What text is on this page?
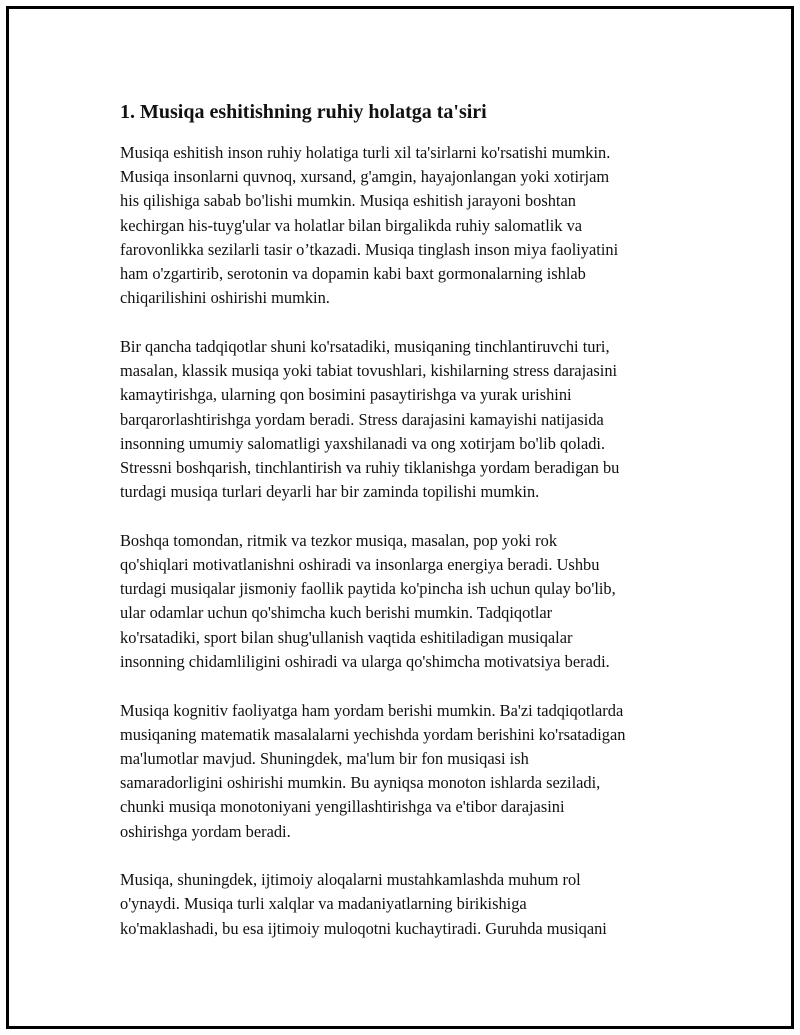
1. Musiqa eshitishning ruhiy holatga ta'siri
Musiqa eshitish inson ruhiy holatiga turli xil ta'sirlarni ko'rsatishi mumkin.
Musiqa insonlarni quvnoq, xursand, g'amgin, hayajonlangan yoki xotirjam
his qilishiga sabab bo'lishi mumkin. Musiqa eshitish jarayoni boshtan
kechirgan his-tuyg'ular va holatlar bilan birgalikda ruhiy salomatlik va
farovonlikka sezilarli tasir o’tkazadi. Musiqa tinglash inson miya faoliyatini
ham o'zgartirib, serotonin va dopamin kabi baxt gormonalarning ishlab
chiqarilishini oshirishi mumkin.
Bir qancha tadqiqotlar shuni ko'rsatadiki, musiqaning tinchlantiruvchi turi,
masalan, klassik musiqa yoki tabiat tovushlari, kishilarning stress darajasini
kamaytirishga, ularning qon bosimini pasaytirishga va yurak urishini
barqarorlashtirishga yordam beradi. Stress darajasini kamayishi natijasida
insonning umumiy salomatligi yaxshilanadi va ong xotirjam bo'lib qoladi.
Stressni boshqarish, tinchlantirish va ruhiy tiklanishga yordam beradigan bu
turdagi musiqa turlari deyarli har bir zaminda topilishi mumkin.
Boshqa tomondan, ritmik va tezkor musiqa, masalan, pop yoki rok
qo'shiqlari motivatlanishni oshiradi va insonlarga energiya beradi. Ushbu
turdagi musiqalar jismoniy faollik paytida ko'pincha ish uchun qulay bo'lib,
ular odamlar uchun qo'shimcha kuch berishi mumkin. Tadqiqotlar
ko'rsatadiki, sport bilan shug'ullanish vaqtida eshitiladigan musiqalar
insonning chidamliligini oshiradi va ularga qo'shimcha motivatsiya beradi.
Musiqa kognitiv faoliyatga ham yordam berishi mumkin. Ba'zi tadqiqotlarda
musiqaning matematik masalalarni yechishda yordam berishini ko'rsatadigan
ma'lumotlar mavjud. Shuningdek, ma'lum bir fon musiqasi ish
samaradorligini oshirishi mumkin. Bu ayniqsa monoton ishlarda seziladi,
chunki musiqa monotoniyani yengillashtirishga va e'tibor darajasini
oshirishga yordam beradi.
Musiqa, shuningdek, ijtimoiy aloqalarni mustahkamlashda muhum rol
o'ynaydi. Musiqa turli xalqlar va madaniyatlarning birikishiga
ko'maklashadi, bu esa ijtimoiy muloqotni kuchaytiradi. Guruhda musiqani
